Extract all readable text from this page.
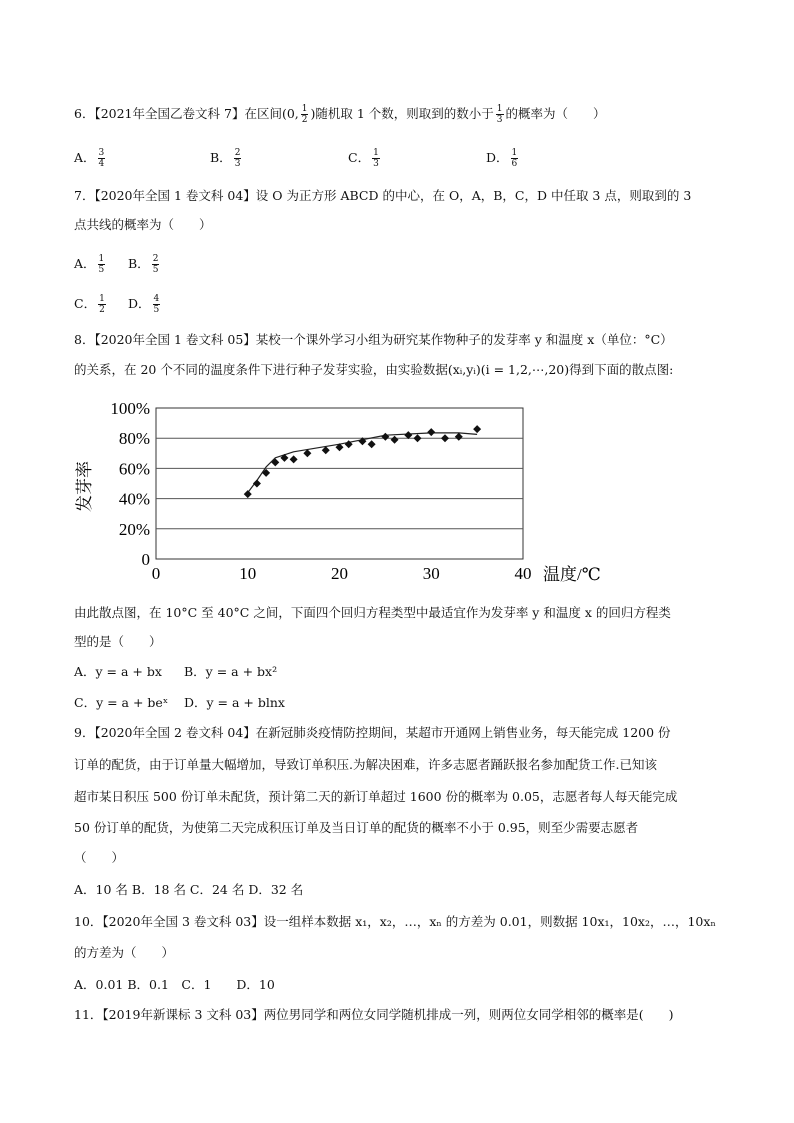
6．【2021年全国乙卷文科 7】在区间(0, $\frac{1}{2}$ )随机取 1 个数，则取到的数小于 $\frac{1}{3}$ 的概率为（　　）
A． $\frac{3}{4}$	B． $\frac{2}{3}$	C． $\frac{1}{3}$	D． $\frac{1}{6}$
7．【2020年全国 1 卷文科 04】设 O 为正方形 ABCD 的中心，在 O，A，B，C，D 中任取 3 点，则取到的 3
点共线的概率为（　　）
A． $\frac{1}{5}$ B． $\frac{2}{5}$
C． $\frac{1}{2}$ D． $\frac{4}{5}$
8．【2020年全国 1 卷文科 05】某校一个课外学习小组为研究某作物种子的发芽率 y 和温度 x（单位：°C）
的关系，在 20 个不同的温度条件下进行种子发芽实验，由实验数据(xᵢ,yᵢ)(i = 1,2,⋯,20)得到下面的散点图:
0
20%
40%
60%
80%
100%
0	10	20	30	40 温度/℃
发芽率
由此散点图，在 10°C 至 40°C 之间，下面四个回归方程类型中最适宜作为发芽率 y 和温度 x 的回归方程类
型的是（　　）
A．y = a + bx B．y = a + bx²
C．y = a + beˣ D．y = a + blnx
9．【2020年全国 2 卷文科 04】在新冠肺炎疫情防控期间，某超市开通网上销售业务，每天能完成 1200 份
订单的配货，由于订单量大幅增加，导致订单积压.为解决困难，许多志愿者踊跃报名参加配货工作.已知该
超市某日积压 500 份订单未配货，预计第二天的新订单超过 1600 份的概率为 0.05，志愿者每人每天能完成
50 份订单的配货，为使第二天完成积压订单及当日订单的配货的概率不小于 0.95，则至少需要志愿者
（　　）
A．10 名 B．18 名 C．24 名 D．32 名
10．【2020年全国 3 卷文科 03】设一组样本数据 x₁，x₂，…，xₙ 的方差为 0.01，则数据 10x₁，10x₂，…，10xₙ
的方差为（　　）
A．0.01 B．0.1　C．1　　D．10
11．【2019年新课标 3 文科 03】两位男同学和两位女同学随机排成一列，则两位女同学相邻的概率是(　　)
